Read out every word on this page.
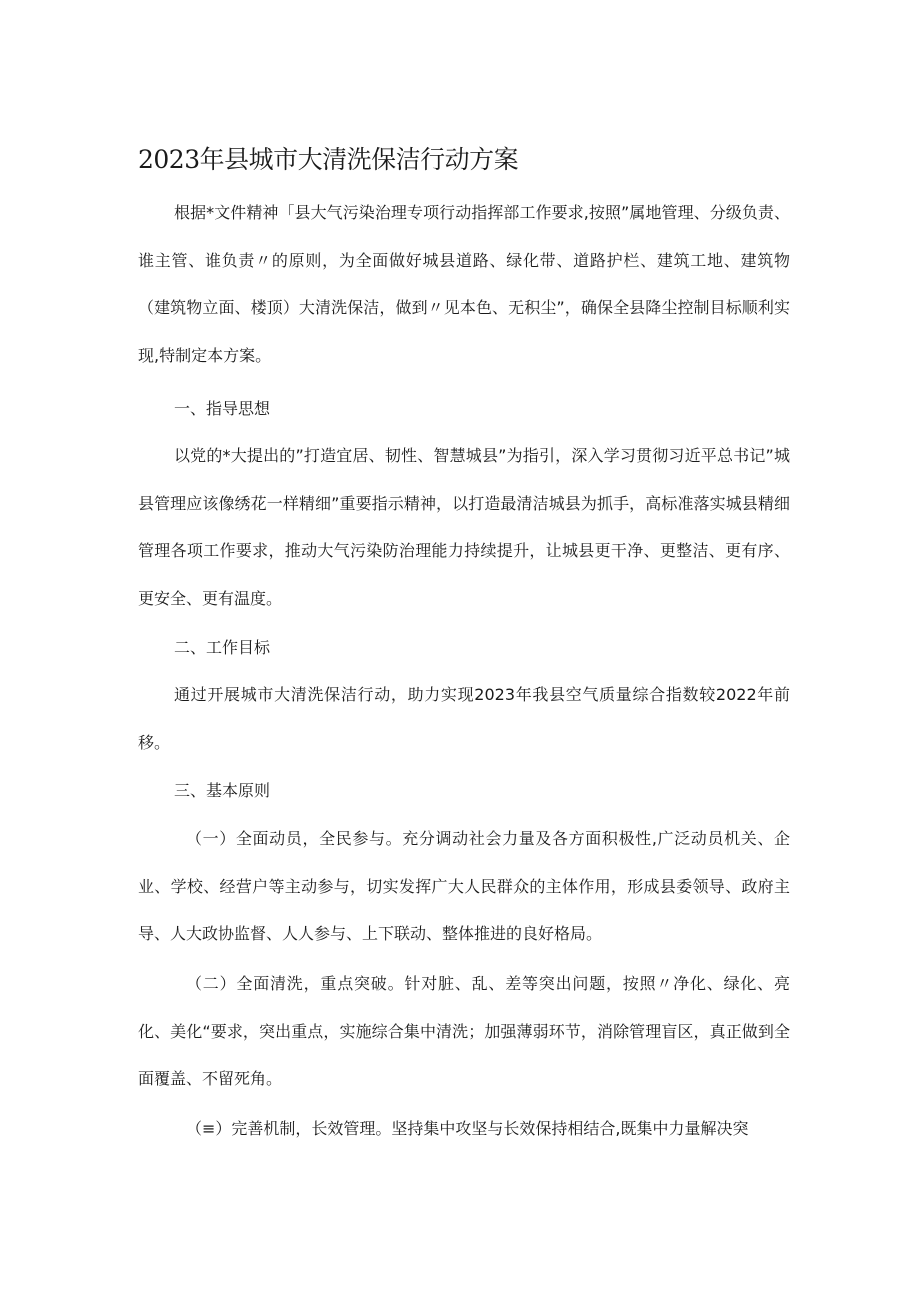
2023年县城市大清洗保洁行动方案

根据*文件精神「县大气污染治理专项行动指挥部工作要求,按照”属地管理、分级负责、谁主管、谁负责〃的原则，为全面做好城县道路、绿化带、道路护栏、建筑工地、建筑物（建筑物立面、楼顶）大清洗保洁，做到〃见本色、无积尘”，确保全县降尘控制目标顺利实现,特制定本方案。

一、指导思想

以党的*大提出的”打造宜居、韧性、智慧城县”为指引，深入学习贯彻习近平总书记”城县管理应该像绣花一样精细”重要指示精神，以打造最清洁城县为抓手，高标准落实城县精细管理各项工作要求，推动大气污染防治理能力持续提升，让城县更干净、更整洁、更有序、更安全、更有温度。

二、工作目标

通过开展城市大清洗保洁行动，助力实现2023年我县空气质量综合指数较2022年前移。

三、基本原则

（一）全面动员，全民参与。充分调动社会力量及各方面积极性,广泛动员机关、企业、学校、经营户等主动参与，切实发挥广大人民群众的主体作用，形成县委领导、政府主导、人大政协监督、人人参与、上下联动、整体推进的良好格局。

（二）全面清洗，重点突破。针对脏、乱、差等突出问题，按照〃净化、绿化、亮化、美化“要求，突出重点，实施综合集中清洗；加强薄弱环节，消除管理盲区，真正做到全面覆盖、不留死角。

（≡）完善机制，长效管理。坚持集中攻坚与长效保持相结合,既集中力量解决突
